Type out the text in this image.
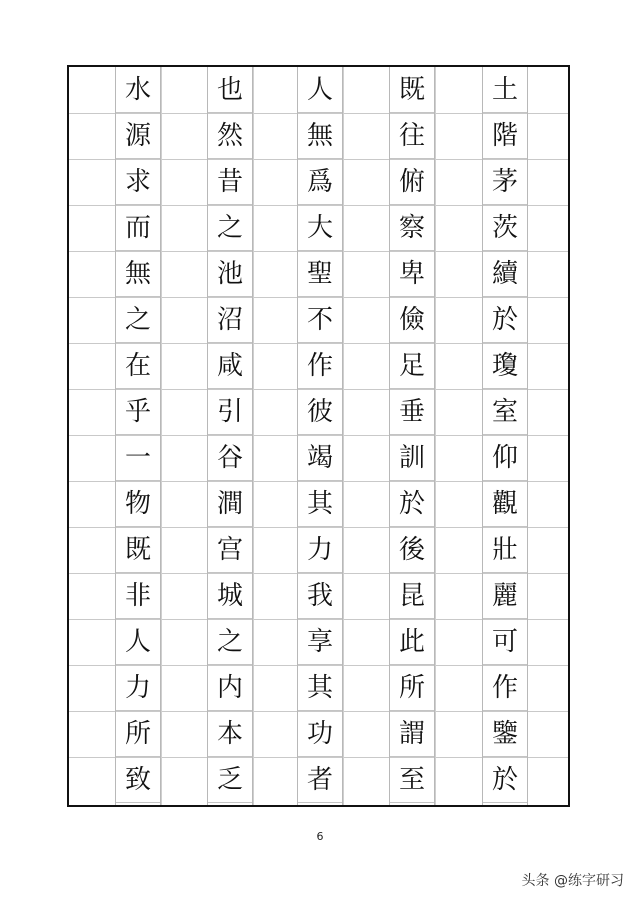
土
階
茅
茨
續
於
瓊
室
仰
觀
壯
麗
可
作
鑒
於
既
往
俯
察
卑
儉
足
垂
訓
於
後
昆
此
所
謂
至
人
無
爲
大
聖
不
作
彼
竭
其
力
我
享
其
功
者
也
然
昔
之
池
沼
咸
引
谷
澗
宫
城
之
内
本
乏
水
源
求
而
無
之
在
乎
一
物
既
非
人
力
所
致
6
头条 @练字研习
